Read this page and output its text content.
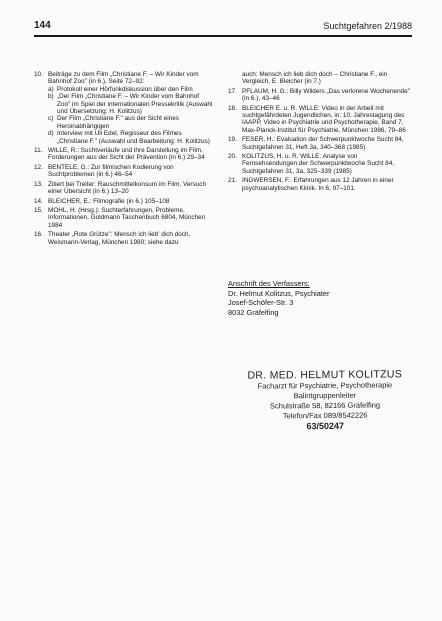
144	Suchtgefahren 2/1988
10. Beiträge zu dem Film „Christiane F. – Wir Kinder vom Bahnhof Zoo" (in 6.), Seite 72–92:
a) Protokoll einer Hörfunkdiskussion über den Film
b) „Der Film „Christiane F. – Wir Kinder vom Bahnhof Zoo" im Spiel der internationalen Pressekritik (Auswahl und Übersetzung: H. Kolitzus)
c) Der Film „Christiane F." aus der Sicht eines Heroinabhängigen
d) Interview mit Uli Edel, Regisseur des Filmes „Christiane F." (Auswahl und Bearbeitung: H. Kolitzus)
11. WILLE, R.: Suchtverläufe und ihre Darstellung im Film, Forderungen aus der Sicht der Prävention (in 6.) 29–34
12. BENTELE, G.: Zur filmischen Kodierung von Suchtproblemen (in 6.) 46–54
13. Zitiert bei Treiter: Rauschmittelkonsum im Film, Versuch einer Übersicht (in 6.) 13–20
14. BLEICHER, E.: Filmografie (in 6.) 105–108
15. MOHL, H. (Hrsg.): Suchterfahrungen, Probleme, Informationen, Goldmann Taschenbuch 6804, München 1984
16. Theater „Rote Grütze": Mensch ich lieb' dich doch, Weismann-Verlag, München 1980; siehe dazu
auch: Mensch ich lieb dich doch – Christiane F., ein Vergleich, E. Bleicher (in 7.)
17. PFLAUM, H. G.: Billy Wilders „Das verlorene Wochenende" (in 6.), 43–46
18. BLEICHER E. u. R. WILLE: Video in der Arbeit mit suchtgefährdeten Jugendlichen, in: 10. Jahrestagung des IAAPP, Video in Psychiatrie und Psychotherapie, Band 7, Max-Planck-Institut für Psychiatrie, München 1986, 79–86
19. FESER, H.: Evaluation der Schwerpunktwoche Sucht 84, Suchtgefahren 31, Heft 3a, 340–368 (1985)
20. KOLITZUS, H. u. R. WILLE: Analyse von Fernsehsendungen der Schwerpunktwoche Sucht 84, Suchtgefahren 31, 3a, 325–339 (1985)
21. INGWERSEN, F.: Erfahrungen aus 12 Jahren in einer psychoanalytischen Klinik. In 6, 97–101.
Anschrift des Verfassers:
Dr. Helmut Kolitzus, Psychiater
Josef-Schöfer-Str. 3
8032 Gräfelfing
DR. MED. HELMUT KOLITZUS
Facharzt für Psychiatrie, Psychotherapie
Balintgruppenleiter
Schulstraße 58, 82166 Gräfelfing
Telefon/Fax 089/8542226
63/50247
